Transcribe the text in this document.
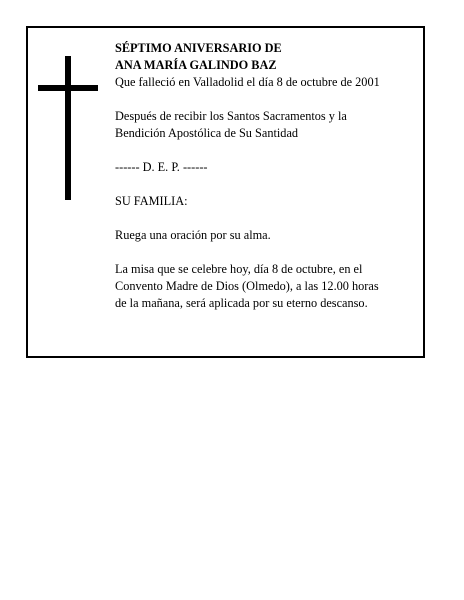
SÉPTIMO ANIVERSARIO DE

ANA MARÍA GALINDO BAZ

Que falleció en Valladolid el día 8 de octubre de 2001

Después de recibir los Santos Sacramentos y la

Bendición Apostólica de Su Santidad

------ D. E. P. ------

SU FAMILIA:

Ruega una oración por su alma.

La misa que se celebre hoy, día 8 de octubre, en el

Convento Madre de Dios (Olmedo), a las 12.00 horas

de la mañana, será aplicada por su eterno descanso.
